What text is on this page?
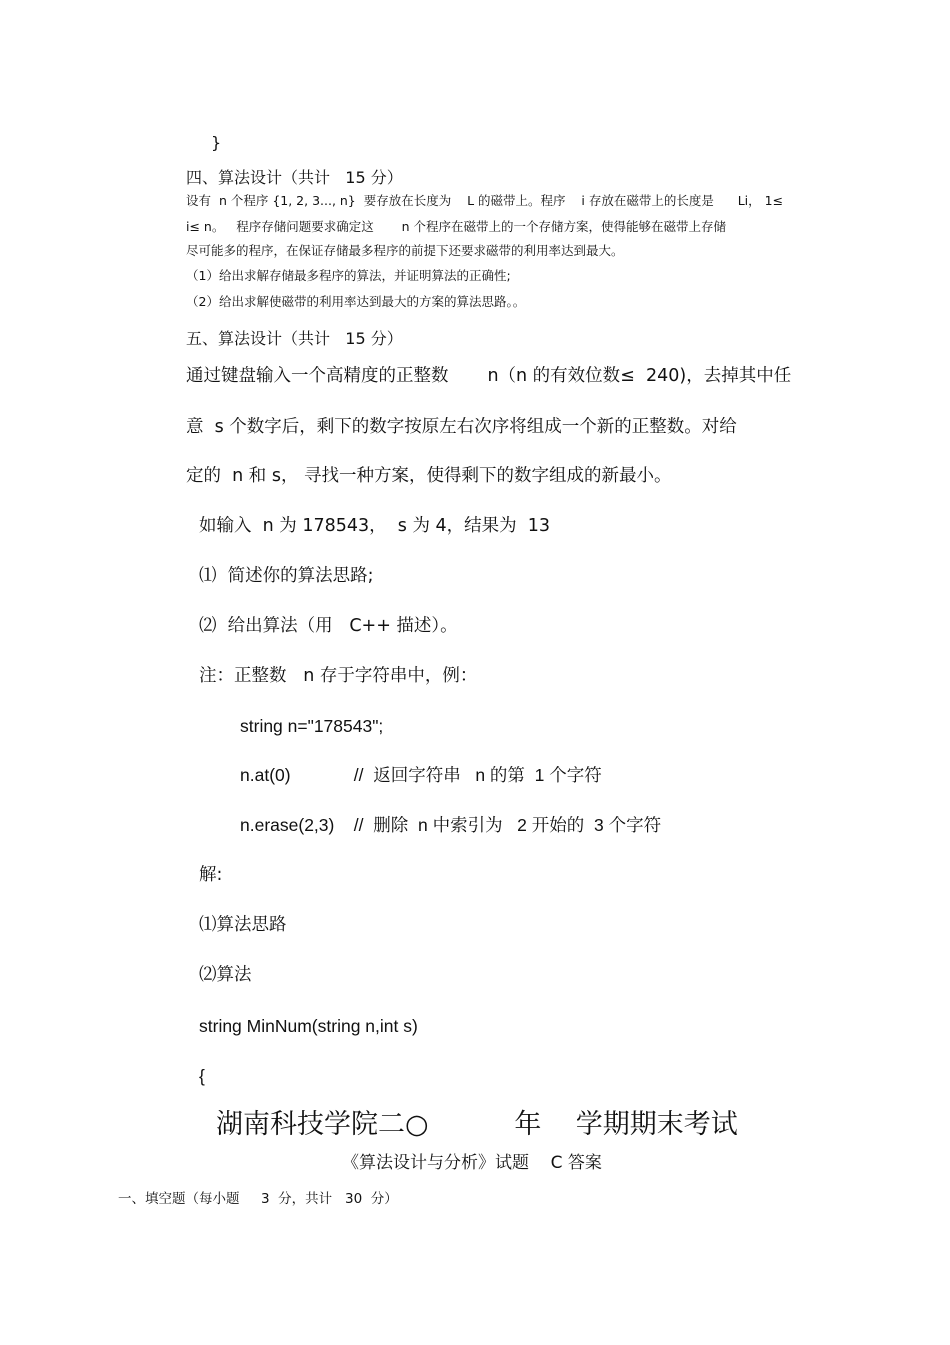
}
四、算法设计（共计   15 分）
设有  n 个程序 {1, 2, 3..., n}  要存放在长度为    L 的磁带上。程序    i 存放在磁带上的长度是      Li， 1≤
i≤ n。   程序存储问题要求确定这       n 个程序在磁带上的一个存储方案，使得能够在磁带上存储
尽可能多的程序，在保证存储最多程序的前提下还要求磁带的利用率达到最大。
（1）给出求解存储最多程序的算法，并证明算法的正确性;
（2）给出求解使磁带的利用率达到最大的方案的算法思路。。
五、算法设计（共计   15 分）
通过键盘输入一个高精度的正整数       n（n 的有效位数≤  240)，去掉其中任
意  s 个数字后，剩下的数字按原左右次序将组成一个新的正整数。对给
定的  n 和 s， 寻找一种方案，使得剩下的数字组成的新最小。
如输入  n 为 178543，  s 为 4，结果为  13
⑴  简述你的算法思路;
⑵  给出算法（用   C++ 描述）。
注：正整数   n 存于字符串中，例：
string n="178543";
n.at(0)             //  返回字符串   n 的第  1 个字符
n.erase(2,3)    //  删除  n 中索引为   2 开始的  3 个字符
解:
⑴算法思路
⑵算法
string MinNum(string n,int s)
{
湖南科技学院二○          年    学期期末考试
《算法设计与分析》试题    C 答案
一、填空题（每小题     3  分，共计   30  分）
